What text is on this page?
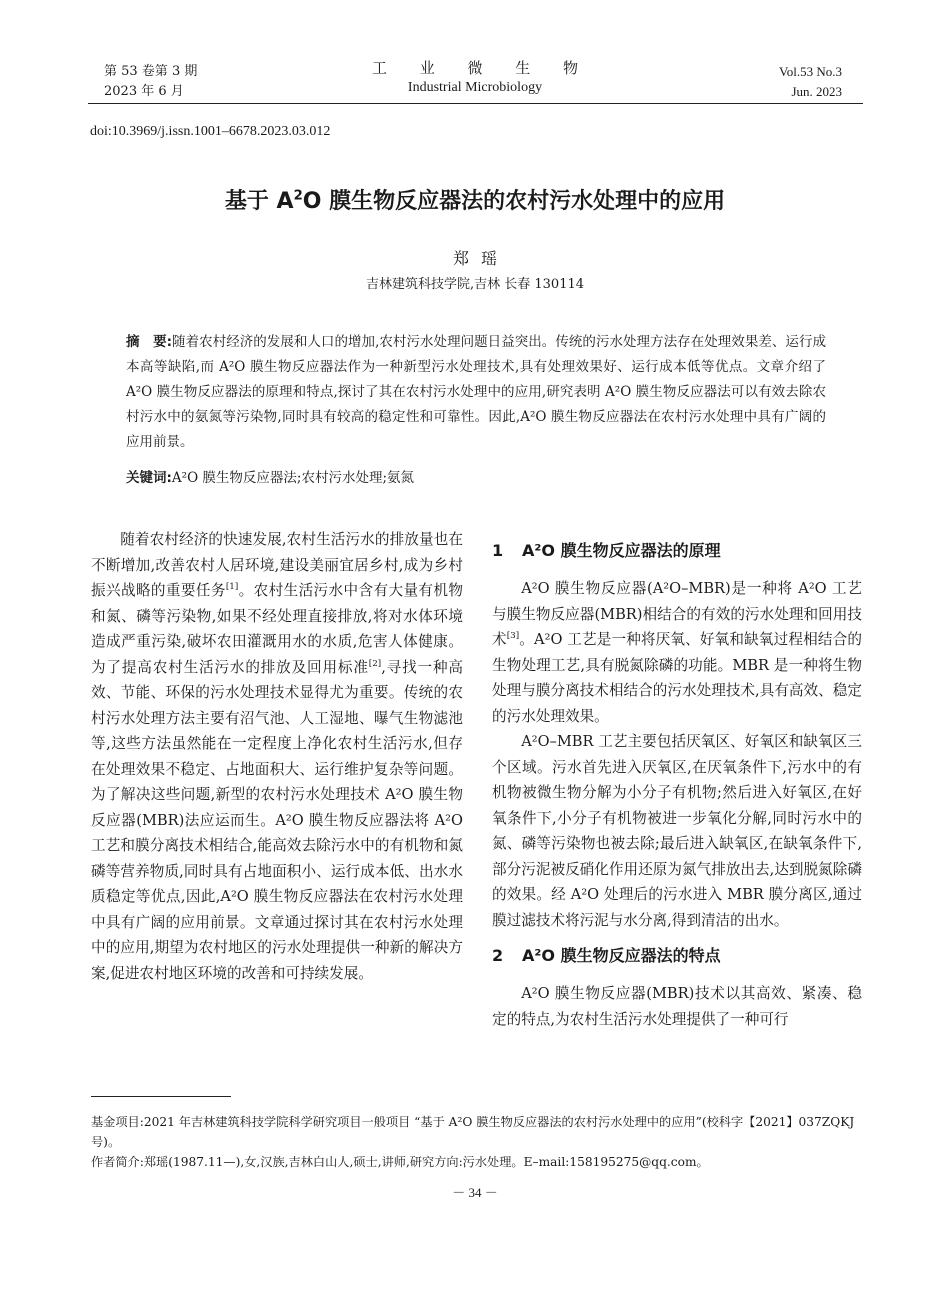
第 53 卷第 3 期
2023 年 6 月
工 业 微 生 物
Industrial Microbiology
Vol.53 No.3
Jun. 2023
doi:10.3969/j.issn.1001–6678.2023.03.012
基于 $A^2O$ 膜生物反应器法的农村污水处理中的应用
郑瑶
吉林建筑科技学院,吉林 长春 130114
摘　要:随着农村经济的发展和人口的增加,农村污水处理问题日益突出。传统的污水处理方法存在处理效果差、运行成本高等缺陷,而 A²O 膜生物反应器法作为一种新型污水处理技术,具有处理效果好、运行成本低等优点。文章介绍了 A²O 膜生物反应器法的原理和特点,探讨了其在农村污水处理中的应用,研究表明 A²O 膜生物反应器法可以有效去除农村污水中的氨氮等污染物,同时具有较高的稳定性和可靠性。因此,A²O 膜生物反应器法在农村污水处理中具有广阔的应用前景。
关键词:A²O 膜生物反应器法;农村污水处理;氨氮

随着农村经济的快速发展,农村生活污水的排放量也在不断增加,改善农村人居环境,建设美丽宜居乡村,成为乡村振兴战略的重要任务[1]。农村生活污水中含有大量有机物和氮、磷等污染物,如果不经处理直接排放,将对水体环境造成严重污染,破坏农田灌溉用水的水质,危害人体健康。为了提高农村生活污水的排放及回用标准[2],寻找一种高效、节能、环保的污水处理技术显得尤为重要。传统的农村污水处理方法主要有沼气池、人工湿地、曝气生物滤池等,这些方法虽然能在一定程度上净化农村生活污水,但存在处理效果不稳定、占地面积大、运行维护复杂等问题。为了解决这些问题,新型的农村污水处理技术 A²O 膜生物反应器(MBR)法应运而生。A²O 膜生物反应器法将 A²O 工艺和膜分离技术相结合,能高效去除污水中的有机物和氮磷等营养物质,同时具有占地面积小、运行成本低、出水水质稳定等优点,因此,A²O 膜生物反应器法在农村污水处理中具有广阔的应用前景。文章通过探讨其在农村污水处理中的应用,期望为农村地区的污水处理提供一种新的解决方案,促进农村地区环境的改善和可持续发展。

1 A²O 膜生物反应器法的原理

A²O 膜生物反应器(A²O–MBR)是一种将 A²O 工艺与膜生物反应器(MBR)相结合的有效的污水处理和回用技术[3]。A²O 工艺是一种将厌氧、好氧和缺氧过程相结合的生物处理工艺,具有脱氮除磷的功能。MBR 是一种将生物处理与膜分离技术相结合的污水处理技术,具有高效、稳定的污水处理效果。

A²O–MBR 工艺主要包括厌氧区、好氧区和缺氧区三个区域。污水首先进入厌氧区,在厌氧条件下,污水中的有机物被微生物分解为小分子有机物;然后进入好氧区,在好氧条件下,小分子有机物被进一步氧化分解,同时污水中的氮、磷等污染物也被去除;最后进入缺氧区,在缺氧条件下,部分污泥被反硝化作用还原为氮气排放出去,达到脱氮除磷的效果。经 A²O 处理后的污水进入 MBR 膜分离区,通过膜过滤技术将污泥与水分离,得到清洁的出水。

2 A²O 膜生物反应器法的特点

A²O 膜生物反应器(MBR)技术以其高效、紧凑、稳定的特点,为农村生活污水处理提供了一种可行

基金项目:2021 年吉林建筑科技学院科学研究项目一般项目 “基于 A²O 膜生物反应器法的农村污水处理中的应用”(校科字【2021】037ZQKJ 号)。
作者简介:郑瑶(1987.11—),女,汉族,吉林白山人,硕士,讲师,研究方向:污水处理。E–mail:158195275@qq.com。
－ 34 －
